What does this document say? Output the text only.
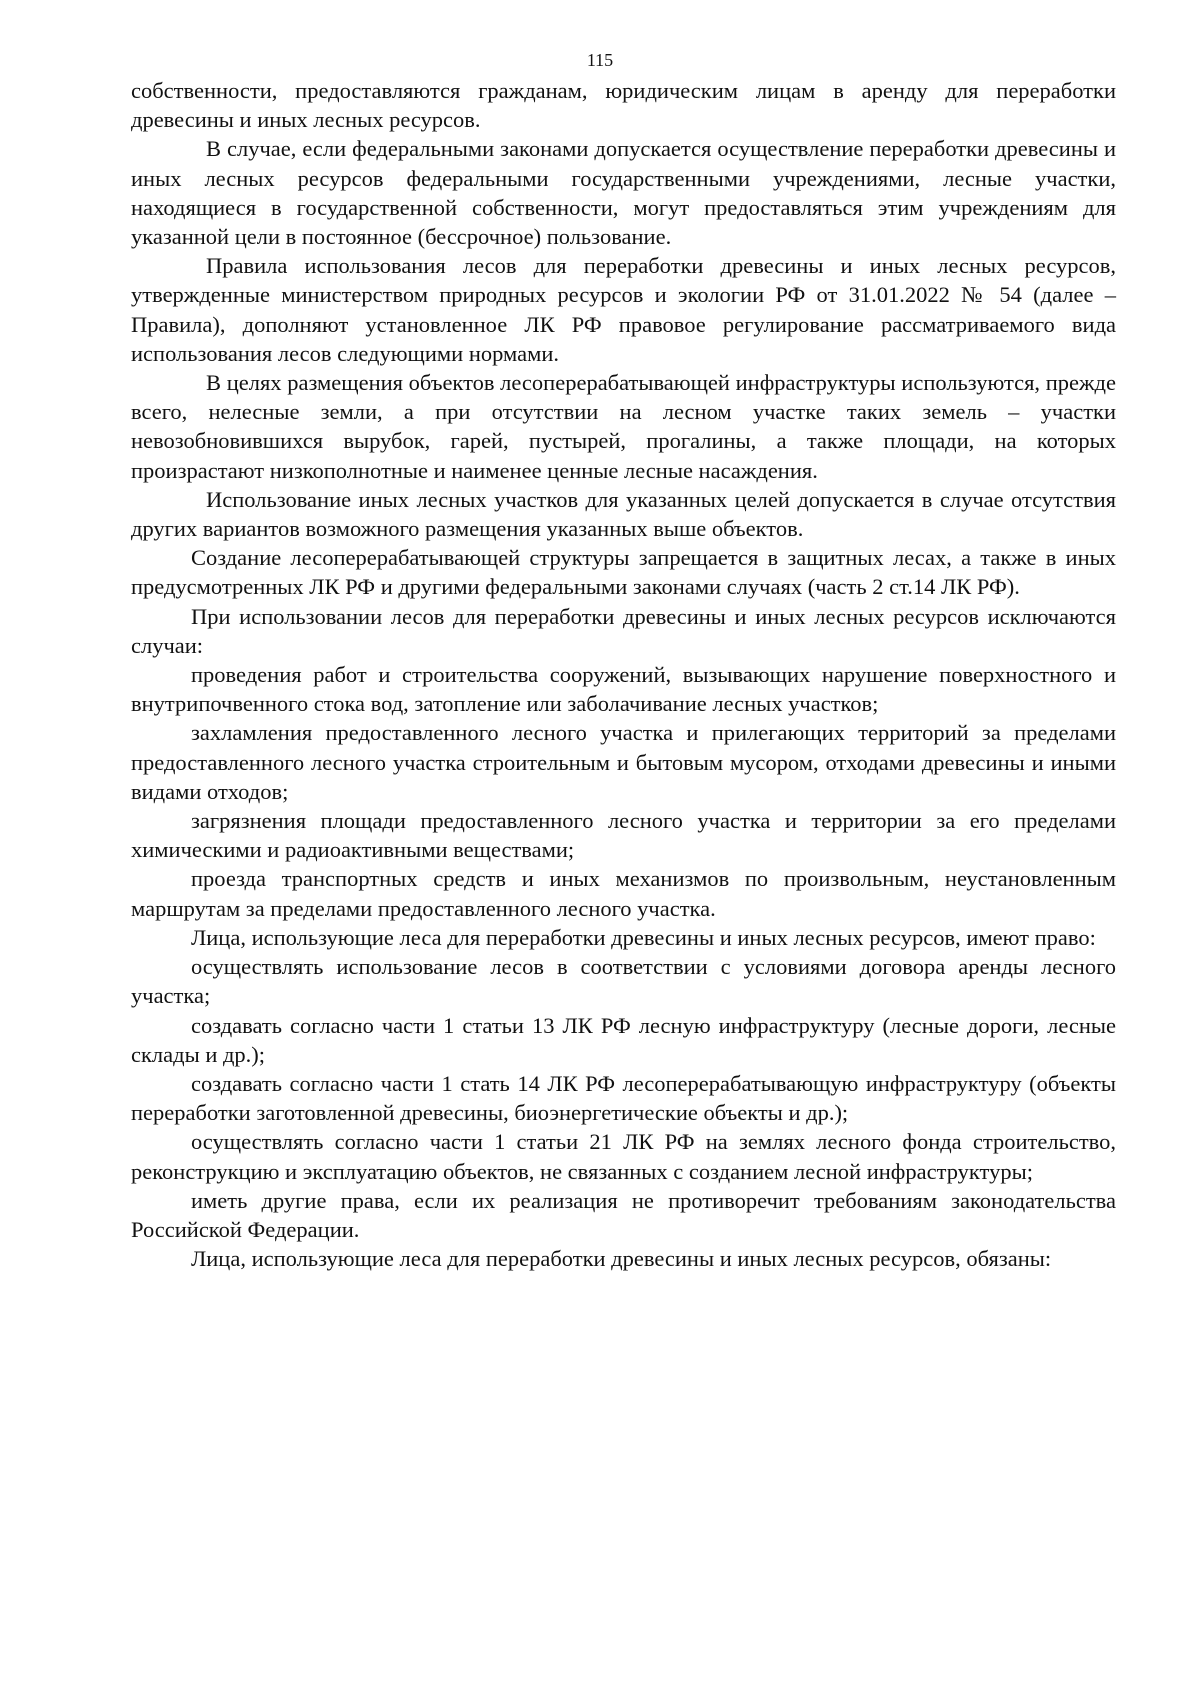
115

собственности, предоставляются гражданам, юридическим лицам в аренду для переработки древесины и иных лесных ресурсов.

В случае, если федеральными законами допускается осуществление переработки древесины и иных лесных ресурсов федеральными государственными учреждениями, лесные участки, находящиеся в государственной собственности, могут предоставляться этим учреждениям для указанной цели в постоянное (бессрочное) пользование.

Правила использования лесов для переработки древесины и иных лесных ресурсов, утвержденные министерством природных ресурсов и экологии РФ от 31.01.2022 № 54 (далее – Правила), дополняют установленное ЛК РФ правовое регулирование рассматриваемого вида использования лесов следующими нормами.

В целях размещения объектов лесоперерабатывающей инфраструктуры используются, прежде всего, нелесные земли, а при отсутствии на лесном участке таких земель – участки невозобновившихся вырубок, гарей, пустырей, прогалины, а также площади, на которых произрастают низкополнотные и наименее ценные лесные насаждения.

Использование иных лесных участков для указанных целей допускается в случае отсутствия других вариантов возможного размещения указанных выше объектов.

Создание лесоперерабатывающей структуры запрещается в защитных лесах, а также в иных предусмотренных ЛК РФ и другими федеральными законами случаях (часть 2 ст.14 ЛК РФ).

При использовании лесов для переработки древесины и иных лесных ресурсов исключаются случаи:

проведения работ и строительства сооружений, вызывающих нарушение поверхностного и внутрипочвенного стока вод, затопление или заболачивание лесных участков;

захламления предоставленного лесного участка и прилегающих территорий за пределами предоставленного лесного участка строительным и бытовым мусором, отходами древесины и иными видами отходов;

загрязнения площади предоставленного лесного участка и территории за его пределами химическими и радиоактивными веществами;

проезда транспортных средств и иных механизмов по произвольным, неустановленным маршрутам за пределами предоставленного лесного участка.

Лица, использующие леса для переработки древесины и иных лесных ресурсов, имеют право:

осуществлять использование лесов в соответствии с условиями договора аренды лесного участка;

создавать согласно части 1 статьи 13 ЛК РФ лесную инфраструктуру (лесные дороги, лесные склады и др.);

создавать согласно части 1 стать 14 ЛК РФ лесоперерабатывающую инфраструктуру (объекты переработки заготовленной древесины, биоэнергетические объекты и др.);

осуществлять согласно части 1 статьи 21 ЛК РФ на землях лесного фонда строительство, реконструкцию и эксплуатацию объектов, не связанных с созданием лесной инфраструктуры;

иметь другие права, если их реализация не противоречит требованиям законодательства Российской Федерации.

Лица, использующие леса для переработки древесины и иных лесных ресурсов, обязаны:
